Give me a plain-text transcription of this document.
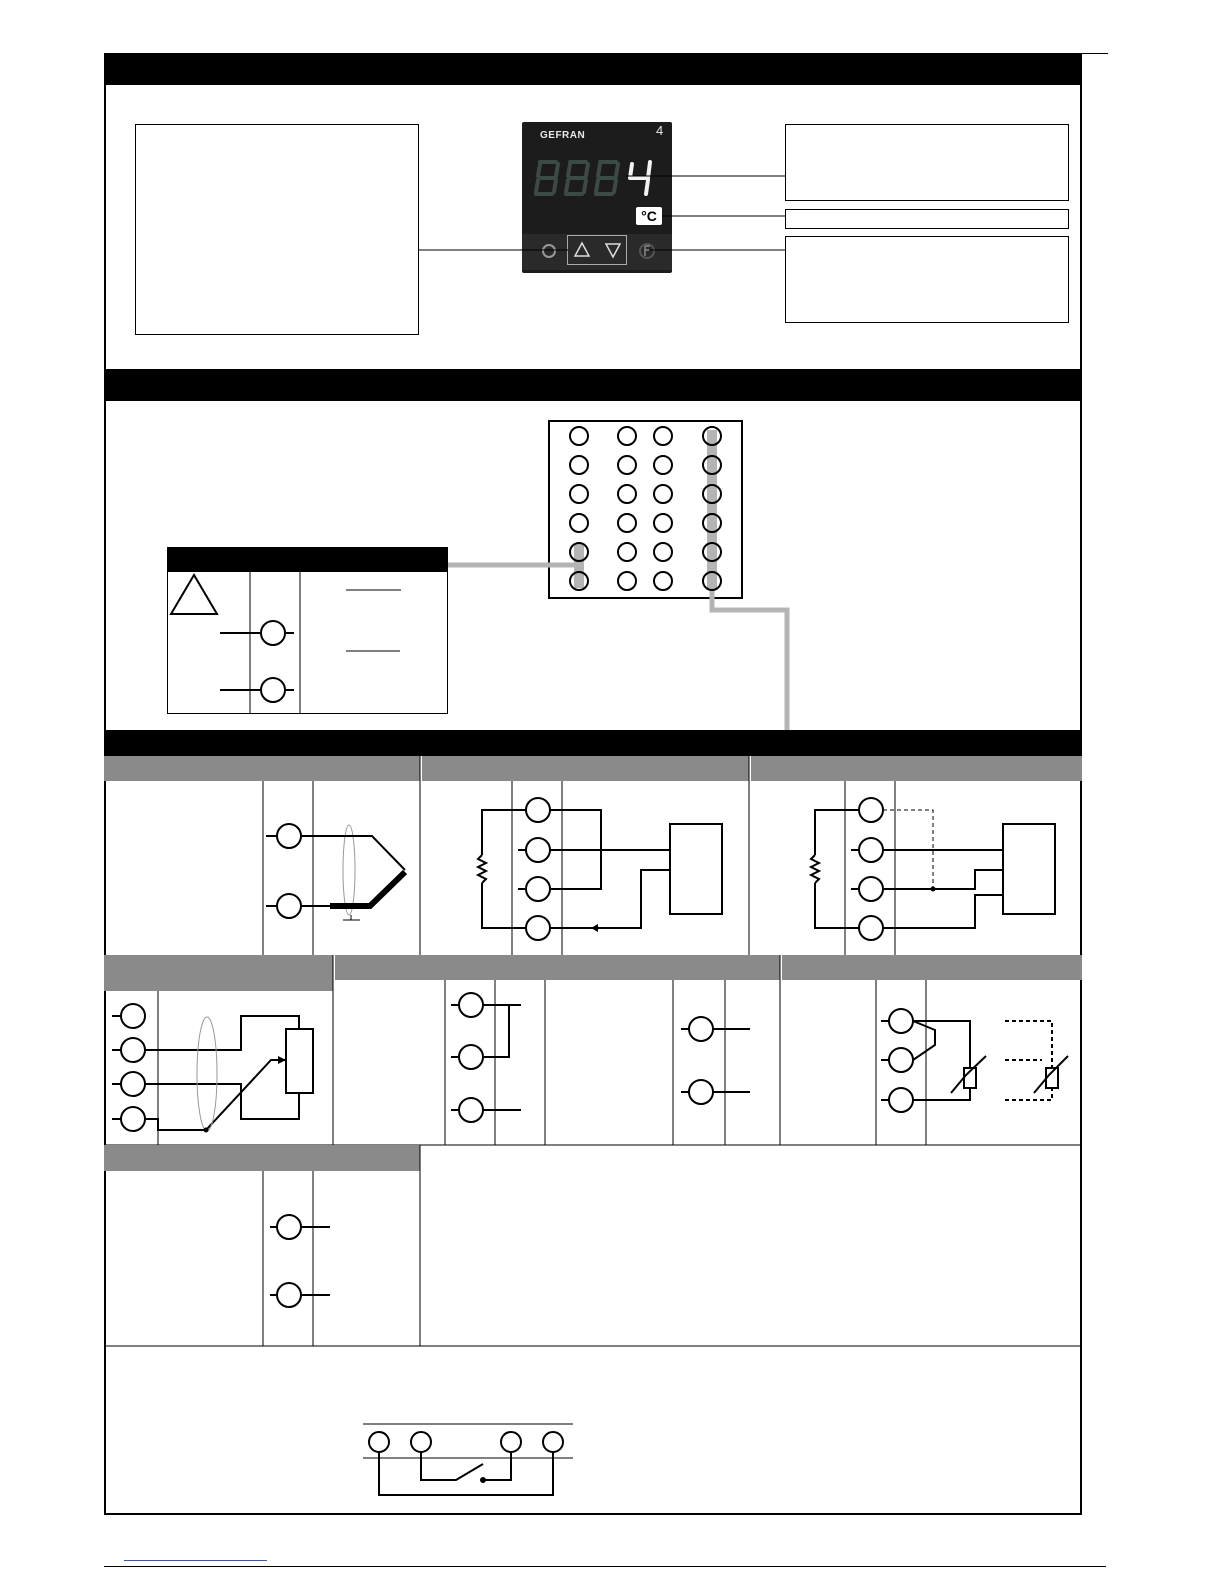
GEFRAN	4
°C
